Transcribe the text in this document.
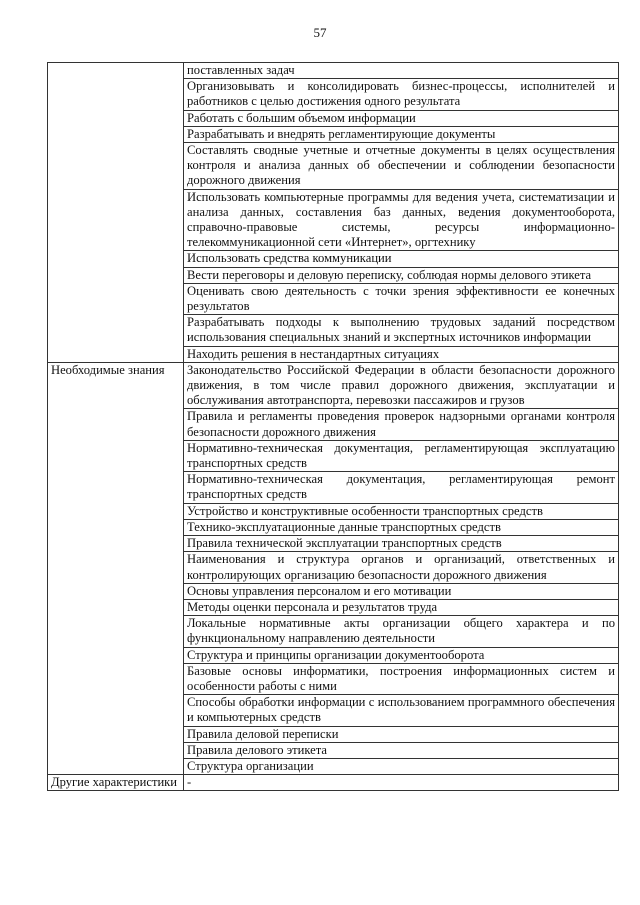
57
	поставленных задач
	Организовывать и консолидировать бизнес-процессы, исполнителей и работников с целью достижения одного результата
	Работать с большим объемом информации
	Разрабатывать и внедрять регламентирующие документы
	Составлять сводные учетные и отчетные документы в целях осуществления контроля и анализа данных об обеспечении и соблюдении безопасности дорожного движения
	Использовать компьютерные программы для ведения учета, систематизации и анализа данных, составления баз данных, ведения документооборота, справочно-правовые системы, ресурсы информационно-телекоммуникационной сети «Интернет», оргтехнику
	Использовать средства коммуникации
	Вести переговоры и деловую переписку, соблюдая нормы делового этикета
	Оценивать свою деятельность с точки зрения эффективности ее конечных результатов
	Разрабатывать подходы к выполнению трудовых заданий посредством использования специальных знаний и экспертных источников информации
	Находить решения в нестандартных ситуациях
Необходимые знания	Законодательство Российской Федерации в области безопасности дорожного движения, в том числе правил дорожного движения, эксплуатации и обслуживания автотранспорта, перевозки пассажиров и грузов
	Правила и регламенты проведения проверок надзорными органами контроля безопасности дорожного движения
	Нормативно-техническая документация, регламентирующая эксплуатацию транспортных средств
	Нормативно-техническая документация, регламентирующая ремонт транспортных средств
	Устройство и конструктивные особенности транспортных средств
	Технико-эксплуатационные данные транспортных средств
	Правила технической эксплуатации транспортных средств
	Наименования и структура органов и организаций, ответственных и контролирующих организацию безопасности дорожного движения
	Основы управления персоналом и его мотивации
	Методы оценки персонала и результатов труда
	Локальные нормативные акты организации общего характера и по функциональному направлению деятельности
	Структура и принципы организации документооборота
	Базовые основы информатики, построения информационных систем и особенности работы с ними
	Способы обработки информации с использованием программного обеспечения и компьютерных средств
	Правила деловой переписки
	Правила делового этикета
	Структура организации
Другие характеристики	-
